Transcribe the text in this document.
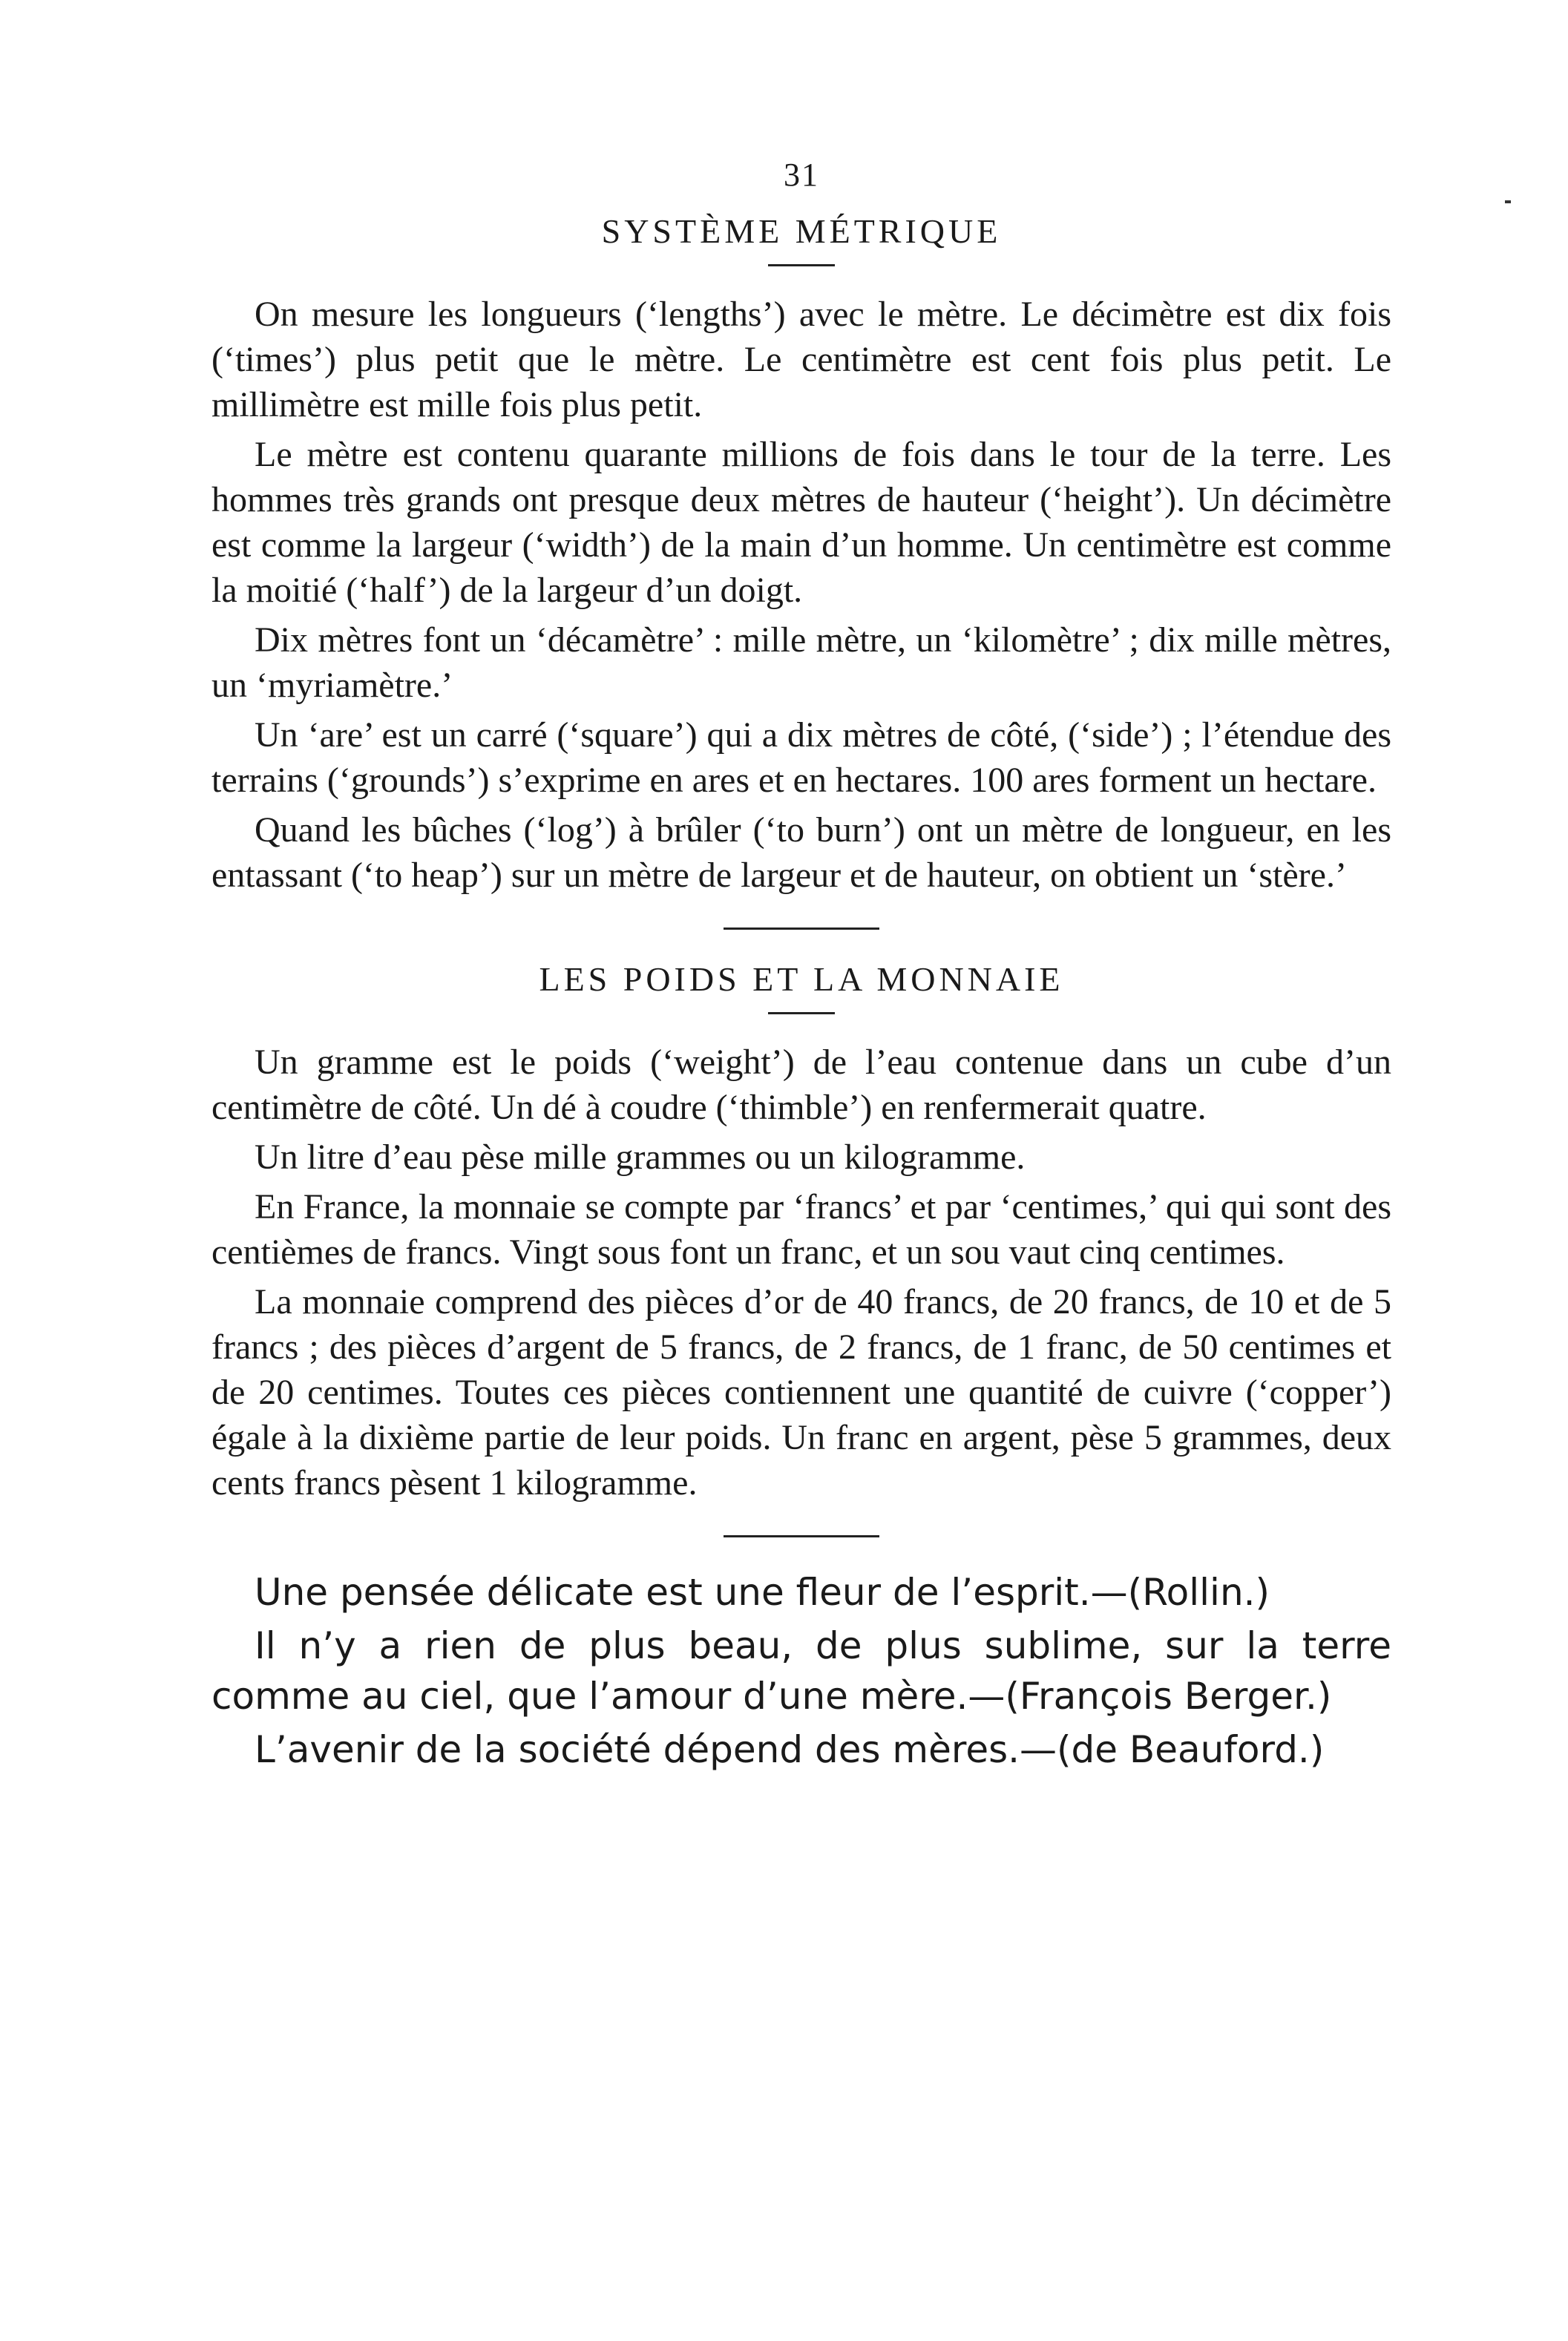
31
SYSTÈME MÉTRIQUE

On mesure les longueurs (‘lengths’) avec le mètre. Le décimètre est dix fois (‘times’) plus petit que le mètre. Le centimètre est cent fois plus petit. Le millimètre est mille fois plus petit.

Le mètre est contenu quarante millions de fois dans le tour de la terre. Les hommes très grands ont presque deux mètres de hauteur (‘height’). Un décimètre est comme la largeur (‘width’) de la main d’un homme. Un centimètre est comme la moitié (‘half’) de la largeur d’un doigt.

Dix mètres font un ‘décamètre’ : mille mètre, un ‘kilomètre’ ; dix mille mètres, un ‘myriamètre.’

Un ‘are’ est un carré (‘square’) qui a dix mètres de côté, (‘side’) ; l’étendue des terrains (‘grounds’) s’exprime en ares et en hectares. 100 ares forment un hectare.

Quand les bûches (‘log’) à brûler (‘to burn’) ont un mètre de longueur, en les entassant (‘to heap’) sur un mètre de largeur et de hauteur, on obtient un ‘stère.’

LES POIDS ET LA MONNAIE

Un gramme est le poids (‘weight’) de l’eau contenue dans un cube d’un centimètre de côté. Un dé à coudre (‘thimble’) en renfermerait quatre.

Un litre d’eau pèse mille grammes ou un kilogramme.

En France, la monnaie se compte par ‘francs’ et par ‘centimes,’ qui qui sont des centièmes de francs. Vingt sous font un franc, et un sou vaut cinq centimes.

La monnaie comprend des pièces d’or de 40 francs, de 20 francs, de 10 et de 5 francs ; des pièces d’argent de 5 francs, de 2 francs, de 1 franc, de 50 centimes et de 20 centimes. Toutes ces pièces contiennent une quantité de cuivre (‘copper’) égale à la dixième partie de leur poids. Un franc en argent, pèse 5 grammes, deux cents francs pèsent 1 kilogramme.

Une pensée délicate est une fleur de l’esprit.—(Rollin.)

Il n’y a rien de plus beau, de plus sublime, sur la terre comme au ciel, que l’amour d’une mère.—(François Berger.)

L’avenir de la société dépend des mères.—(de Beauford.)
